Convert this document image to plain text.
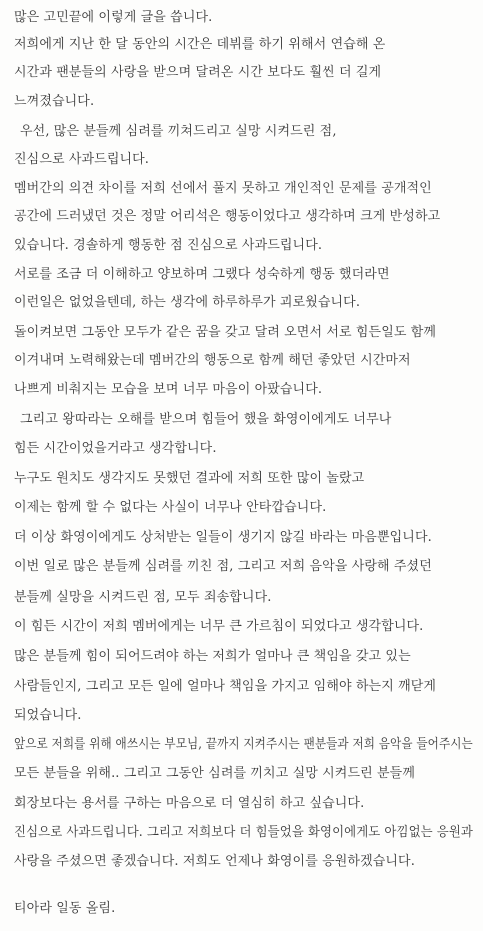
많은 고민끝에 이렇게 글을 씁니다.

저희에게 지난 한 달 동안의 시간은 데뷔를 하기 위해서 연습해 온

시간과 팬분들의 사랑을 받으며 달려온 시간 보다도 훨씬 더 길게

느껴졌습니다.

우선, 많은 분들께 심려를 끼쳐드리고 실망 시켜드린 점,

진심으로 사과드립니다.

멤버간의 의견 차이를 저희 선에서 풀지 못하고 개인적인 문제를 공개적인

공간에 드러냈던 것은 정말 어리석은 행동이었다고 생각하며 크게 반성하고

있습니다. 경솔하게 행동한 점 진심으로 사과드립니다.

서로를 조금 더 이해하고 양보하며 그랬다 성숙하게 행동 했더라면

이런일은 없었을텐데, 하는 생각에 하루하루가 괴로웠습니다.

돌이켜보면 그동안 모두가 같은 꿈을 갖고 달려 오면서 서로 힘든일도 함께

이겨내며 노력해왔는데 멤버간의 행동으로 함께 해던 좋았던 시간마저

나쁘게 비춰지는 모습을 보며 너무 마음이 아팠습니다.

그리고 왕따라는 오해를 받으며 힘들어 했을 화영이에게도 너무나

힘든 시간이었을거라고 생각합니다.

누구도 원치도 생각지도 못했던 결과에 저희 또한 많이 놀랐고

이제는 함께 할 수 없다는 사실이 너무나 안타깝습니다.

더 이상 화영이에게도 상처받는 일들이 생기지 않길 바라는 마음뿐입니다.

이번 일로 많은 분들께 심려를 끼친 점, 그리고 저희 음악을 사랑해 주셨던

분들께 실망을 시켜드린 점, 모두 죄송합니다.

이 힘든 시간이 저희 멤버에게는 너무 큰 가르침이 되었다고 생각합니다.

많은 분들께 힘이 되어드려야 하는 저희가 얼마나 큰 책임을 갖고 있는

사람들인지, 그리고 모든 일에 얼마나 책임을 가지고 임해야 하는지 깨닫게

되었습니다.

앞으로 저희를 위해 애쓰시는 부모님, 끝까지 지켜주시는 팬분들과 저희 음악을 들어주시는

모든 분들을 위해.. 그리고 그동안 심려를 끼치고 실망 시켜드린 분들께

회장보다는 용서를 구하는 마음으로 더 열심히 하고 싶습니다.

진심으로 사과드립니다. 그리고 저희보다 더 힘들었을 화영이에게도 아낌없는 응원과

사랑을 주셨으면 좋겠습니다. 저희도 언제나 화영이를 응원하겠습니다.

티아라 일동 올림.
